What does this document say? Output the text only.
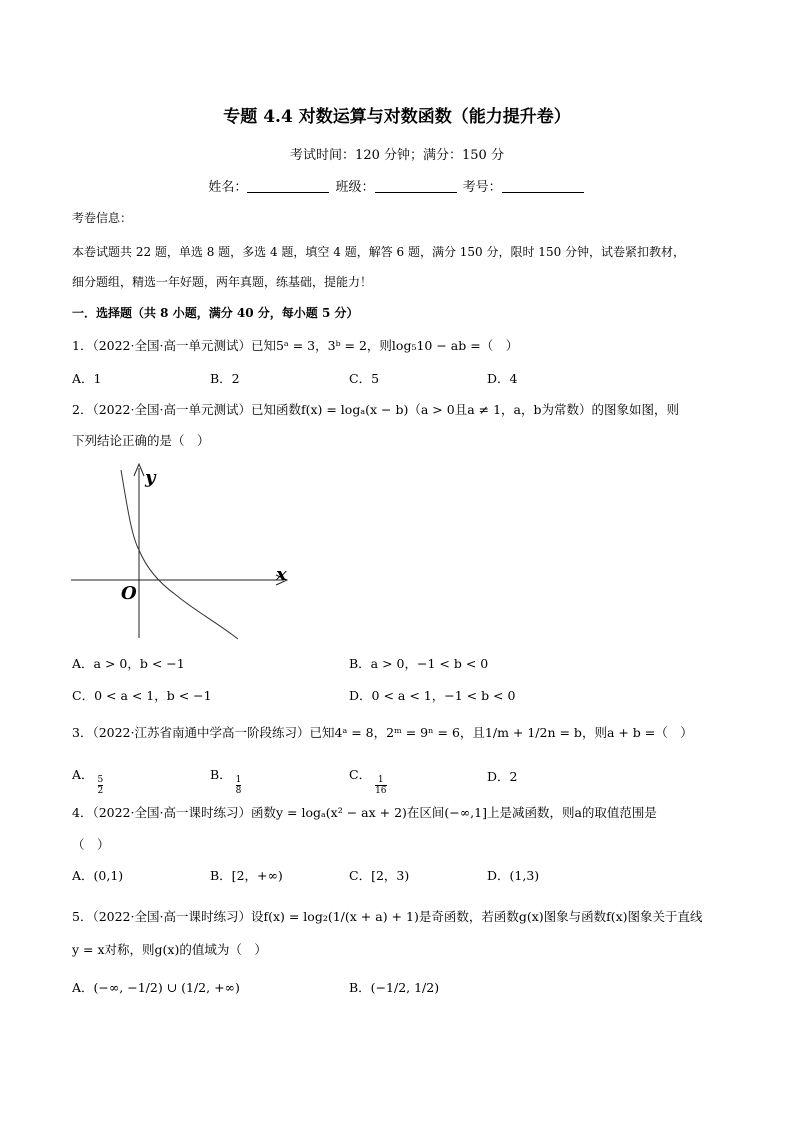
专题 4.4 对数运算与对数函数（能力提升卷）
考试时间：120 分钟；满分：150 分
姓名：	班级：	考号：
考卷信息：
本卷试题共 22 题，单选 8 题，多选 4 题，填空 4 题，解答 6 题，满分 150 分，限时 150 分钟，试卷紧扣教材，
细分题组，精选一年好题，两年真题，练基础，提能力！
一．选择题（共 8 小题，满分 40 分，每小题 5 分）
1．（2022·全国·高一单元测试）已知5ᵃ = 3，3ᵇ = 2，则log₅10 − ab =（　）
A．1	B．2	C．5	D．4
2．（2022·全国·高一单元测试）已知函数f(x) = logₐ(x − b)（a > 0且a ≠ 1，a，b为常数）的图象如图，则
下列结论正确的是（　）
y
x
O
A．a > 0，b < −1	B．a > 0，−1 < b < 0
C．0 < a < 1，b < −1	D．0 < a < 1，−1 < b < 0
3．（2022·江苏省南通中学高一阶段练习）已知4ᵃ = 8，2ᵐ = 9ⁿ = 6，且1/m + 1/2n = b，则a + b =（　）
A．
$\frac{5}{2}$
B．
$\frac{1}{8}$
C．
$\frac{1}{16}$	D．2
4．（2022·全国·高一课时练习）函数y = logₐ(x² − ax + 2)在区间(−∞,1]上是减函数，则a的取值范围是
（　）
A．(0,1)	B．[2，+∞)	C．[2，3)	D．(1,3)
5．（2022·全国·高一课时练习）设f(x) = log₂(1/(x + a) + 1)是奇函数，若函数g(x)图象与函数f(x)图象关于直线
y = x对称，则g(x)的值域为（　）
A．(−∞, −1/2) ∪ (1/2, +∞)	B．(−1/2, 1/2)
